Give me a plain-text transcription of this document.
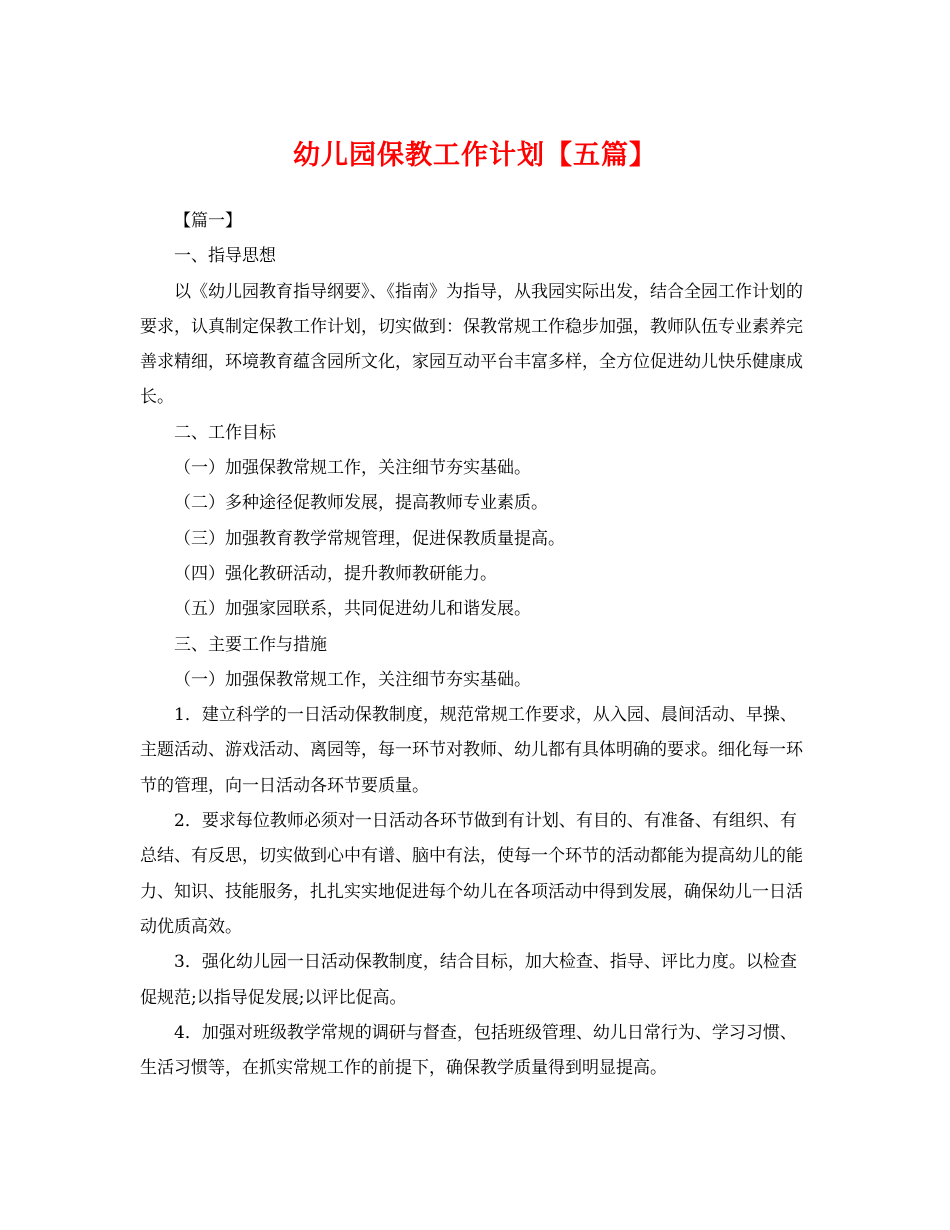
幼儿园保教工作计划【五篇】

【篇一】

一、指导思想

以《幼儿园教育指导纲要》、《指南》为指导，从我园实际出发，结合全园工作计划的要求，认真制定保教工作计划，切实做到：保教常规工作稳步加强，教师队伍专业素养完善求精细，环境教育蕴含园所文化，家园互动平台丰富多样，全方位促进幼儿快乐健康成长。

二、工作目标

（一）加强保教常规工作，关注细节夯实基础。

（二）多种途径促教师发展，提高教师专业素质。

（三）加强教育教学常规管理，促进保教质量提高。

（四）强化教研活动，提升教师教研能力。

（五）加强家园联系，共同促进幼儿和谐发展。

三、主要工作与措施

（一）加强保教常规工作，关注细节夯实基础。

1．建立科学的一日活动保教制度，规范常规工作要求，从入园、晨间活动、早操、主题活动、游戏活动、离园等，每一环节对教师、幼儿都有具体明确的要求。细化每一环节的管理，向一日活动各环节要质量。

2．要求每位教师必须对一日活动各环节做到有计划、有目的、有准备、有组织、有总结、有反思，切实做到心中有谱、脑中有法，使每一个环节的活动都能为提高幼儿的能力、知识、技能服务，扎扎实实地促进每个幼儿在各项活动中得到发展，确保幼儿一日活动优质高效。

3．强化幼儿园一日活动保教制度，结合目标，加大检查、指导、评比力度。以检查促规范;以指导促发展;以评比促高。

4．加强对班级教学常规的调研与督查，包括班级管理、幼儿日常行为、学习习惯、生活习惯等，在抓实常规工作的前提下，确保教学质量得到明显提高。
